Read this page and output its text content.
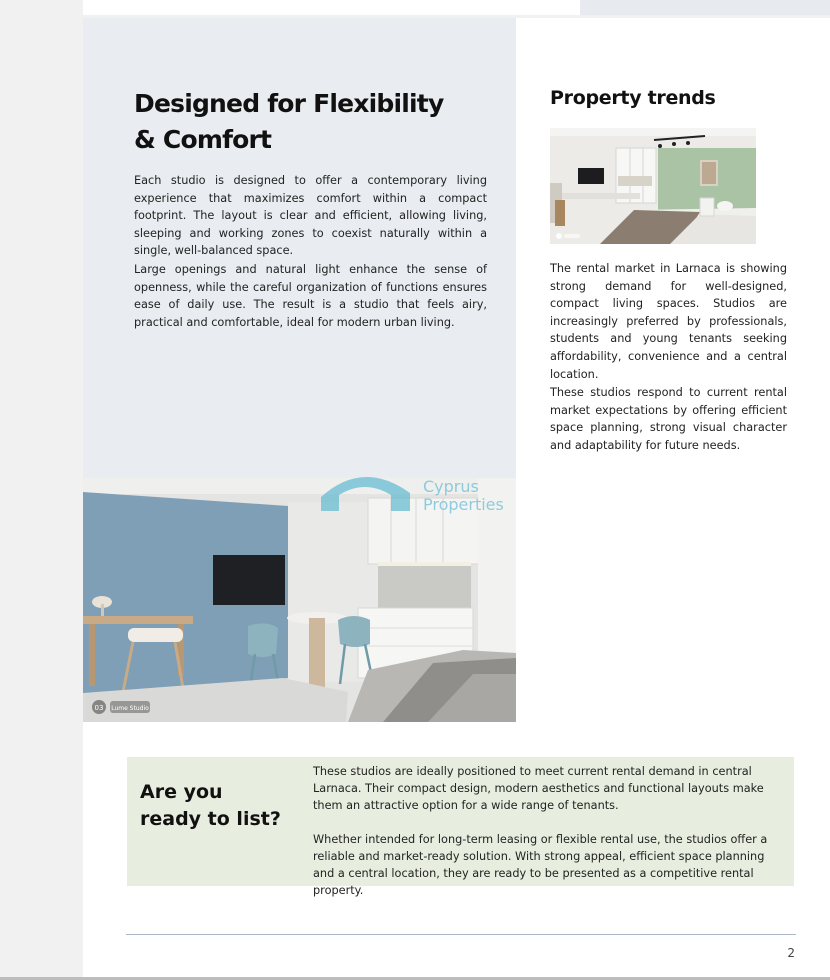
Designed for Flexibility
& Comfort

Each studio is designed to offer a contemporary living experience that maximizes comfort within a compact footprint. The layout is clear and efficient, allowing living, sleeping and working zones to coexist naturally within a single, well-balanced space.

Large openings and natural light enhance the sense of openness, while the careful organization of functions ensures ease of daily use. The result is a studio that feels airy, practical and comfortable, ideal for modern urban living.

Property trends

The rental market in Larnaca is showing strong demand for well-designed, compact living spaces. Studios are increasingly preferred by professionals, students and young tenants seeking affordability, convenience and a central location.

These studios respond to current rental market expectations by offering efficient space planning, strong visual character and adaptability for future needs.

03 Lume Studio
Cyprus
Properties
Are you
ready to list?

These studios are ideally positioned to meet current rental demand in central Larnaca. Their compact design, modern aesthetics and functional layouts make them an attractive option for a wide range of tenants.

Whether intended for long-term leasing or flexible rental use, the studios offer a reliable and market-ready solution. With strong appeal, efficient space planning and a central location, they are ready to be presented as a competitive rental property.

2
